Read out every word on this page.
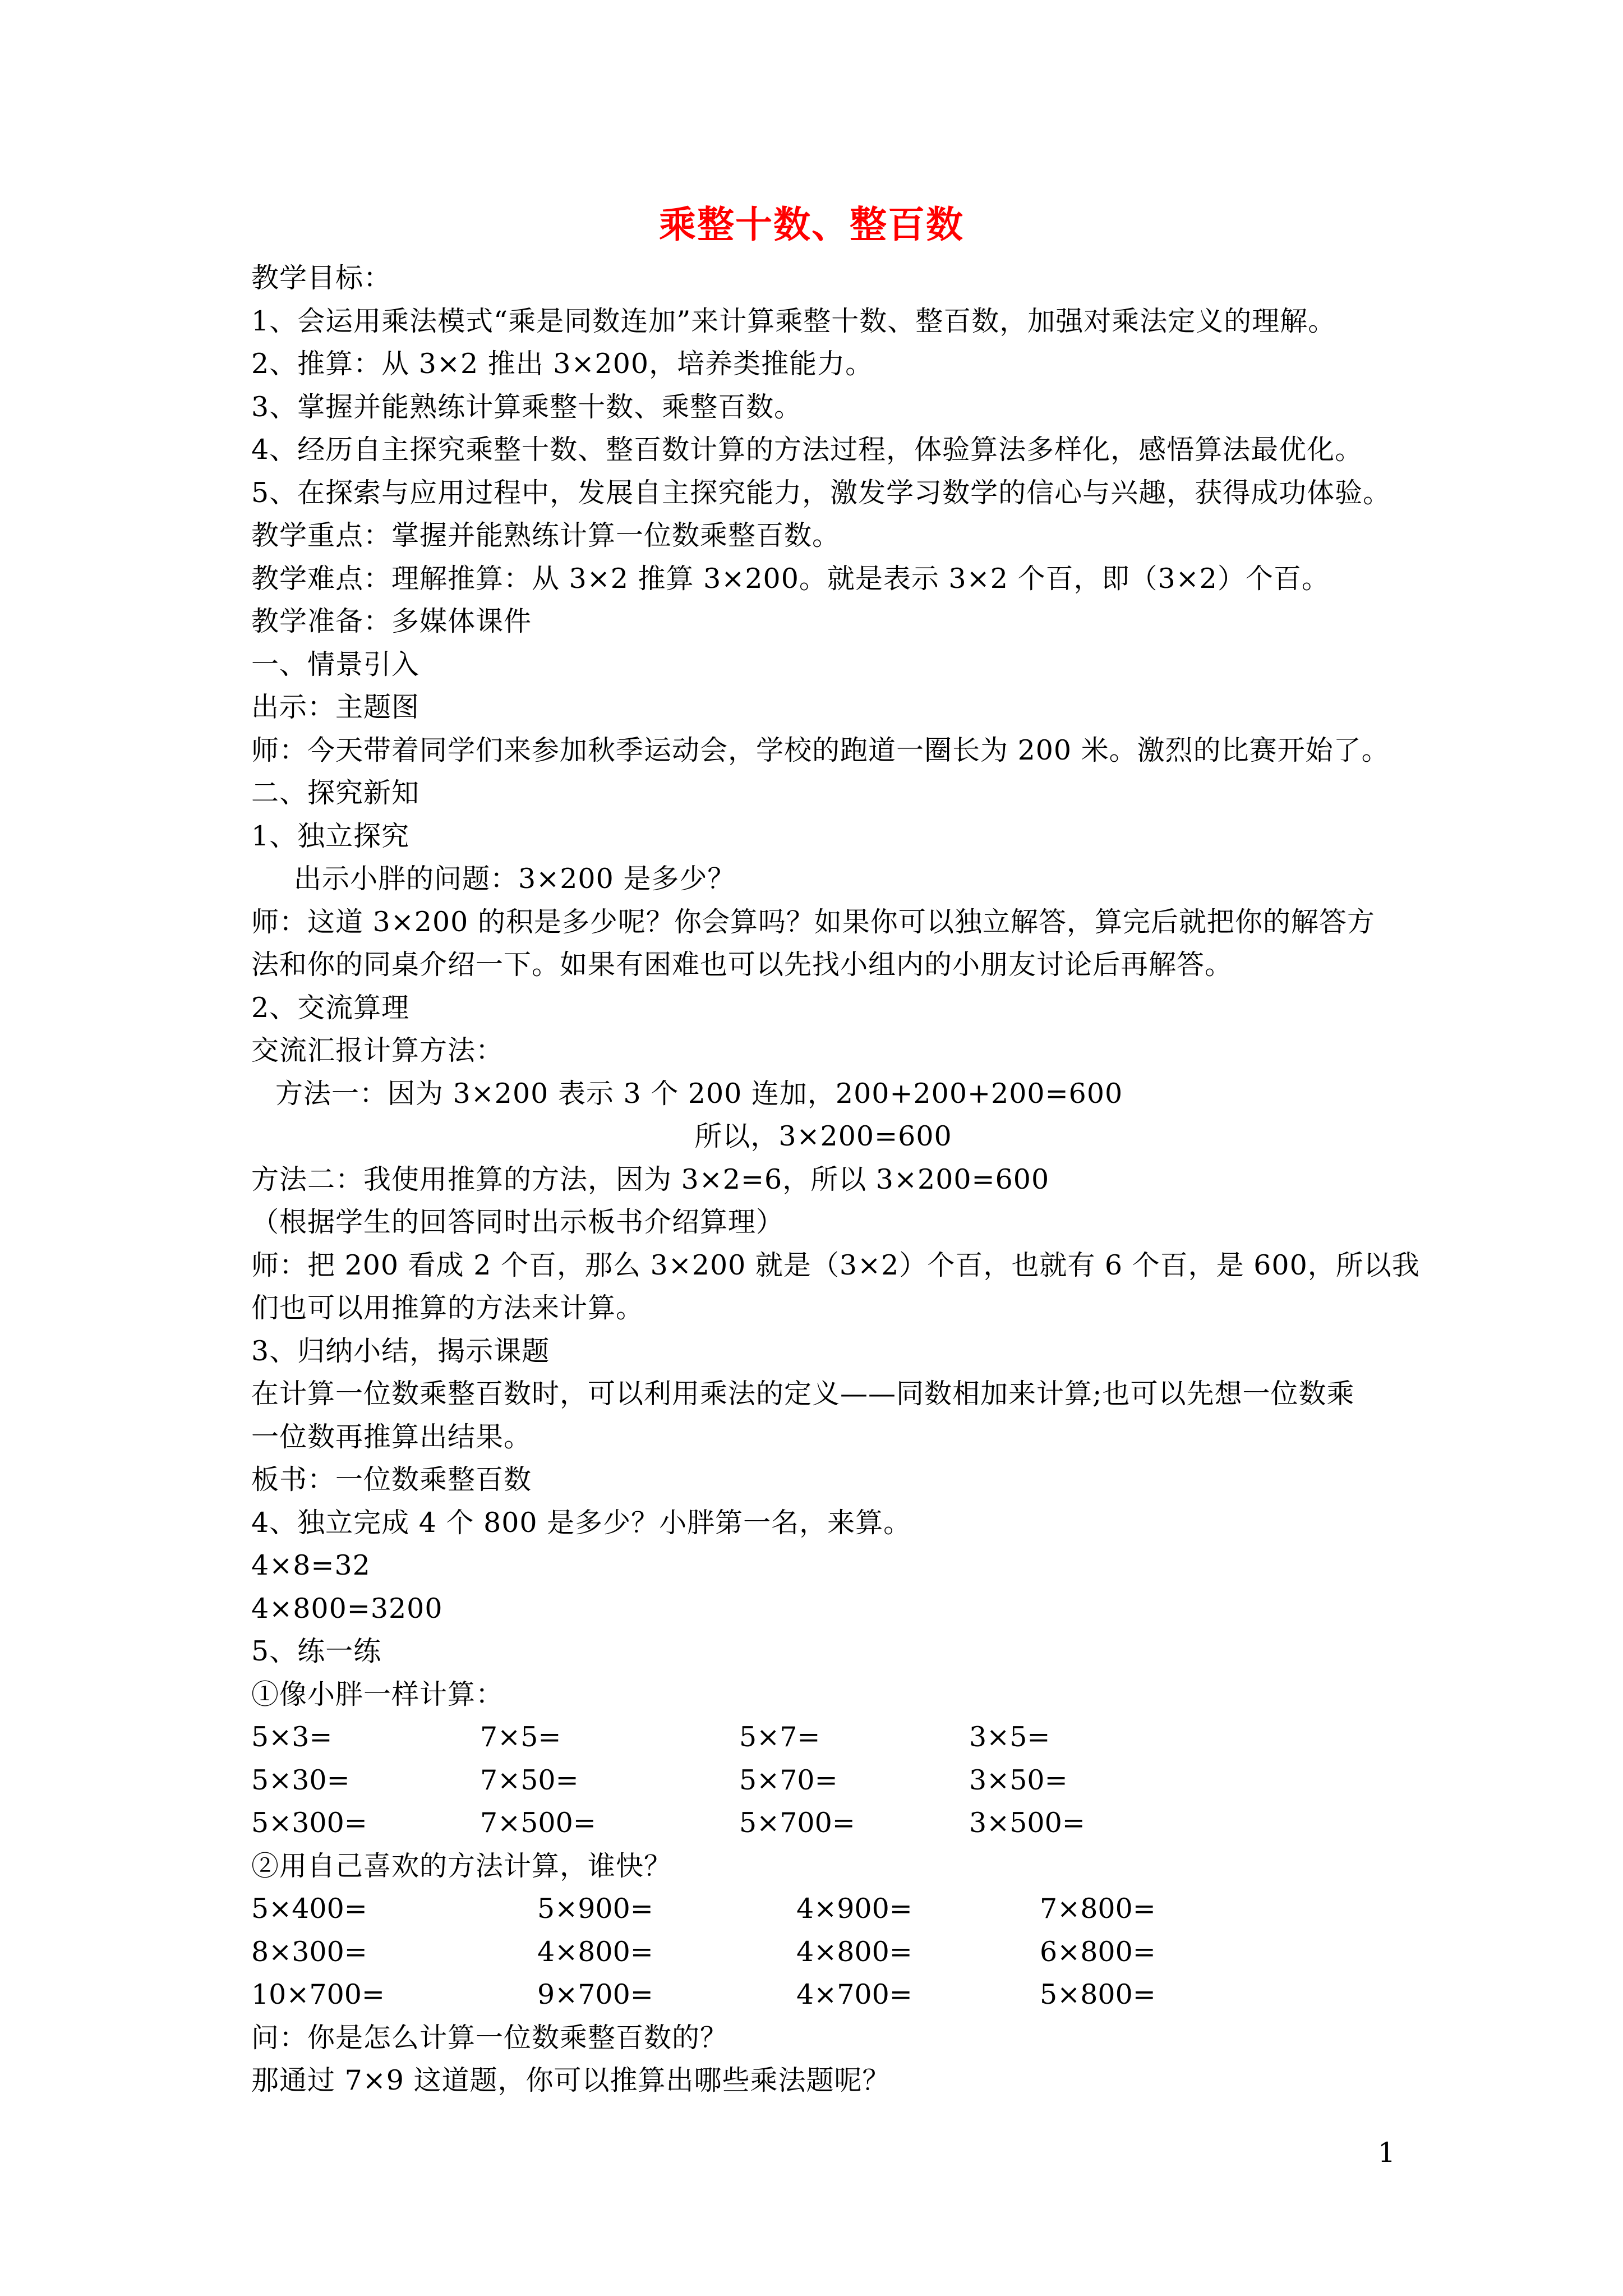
乘整十数、整百数
教学目标：
1、会运用乘法模式“乘是同数连加”来计算乘整十数、整百数，加强对乘法定义的理解。
2、推算：从 3×2 推出 3×200，培养类推能力。
3、掌握并能熟练计算乘整十数、乘整百数。
4、经历自主探究乘整十数、整百数计算的方法过程，体验算法多样化，感悟算法最优化。
5、在探索与应用过程中，发展自主探究能力，激发学习数学的信心与兴趣，获得成功体验。
教学重点：掌握并能熟练计算一位数乘整百数。
教学难点：理解推算：从 3×2 推算 3×200。就是表示 3×2 个百，即（3×2）个百。
教学准备：多媒体课件
一、情景引入
出示：主题图
师：今天带着同学们来参加秋季运动会，学校的跑道一圈长为 200 米。激烈的比赛开始了。
二、探究新知
1、独立探究
出示小胖的问题：3×200 是多少？
师：这道 3×200 的积是多少呢？你会算吗？如果你可以独立解答，算完后就把你的解答方
法和你的同桌介绍一下。如果有困难也可以先找小组内的小朋友讨论后再解答。
2、交流算理
交流汇报计算方法：
方法一：因为 3×200 表示 3 个 200 连加，200+200+200=600
所以，3×200=600
方法二：我使用推算的方法，因为 3×2=6，所以 3×200=600
（根据学生的回答同时出示板书介绍算理）
师：把 200 看成 2 个百，那么 3×200 就是（3×2）个百，也就有 6 个百，是 600，所以我
们也可以用推算的方法来计算。
3、归纳小结，揭示课题
在计算一位数乘整百数时，可以利用乘法的定义——同数相加来计算;也可以先想一位数乘
一位数再推算出结果。
板书：一位数乘整百数
4、独立完成 4 个 800 是多少？小胖第一名，来算。
4×8=32
4×800=3200
5、练一练
①像小胖一样计算：
5×3=	7×5=	5×7=	3×5=
5×30=	7×50=	5×70=	3×50=
5×300=	7×500=	5×700=	3×500=
②用自己喜欢的方法计算，谁快？
5×400=	5×900=	4×900=	7×800=
8×300=	4×800=	4×800=	6×800=
10×700=	9×700=	4×700=	5×800=
问：你是怎么计算一位数乘整百数的？
那通过 7×9 这道题，你可以推算出哪些乘法题呢？
1
